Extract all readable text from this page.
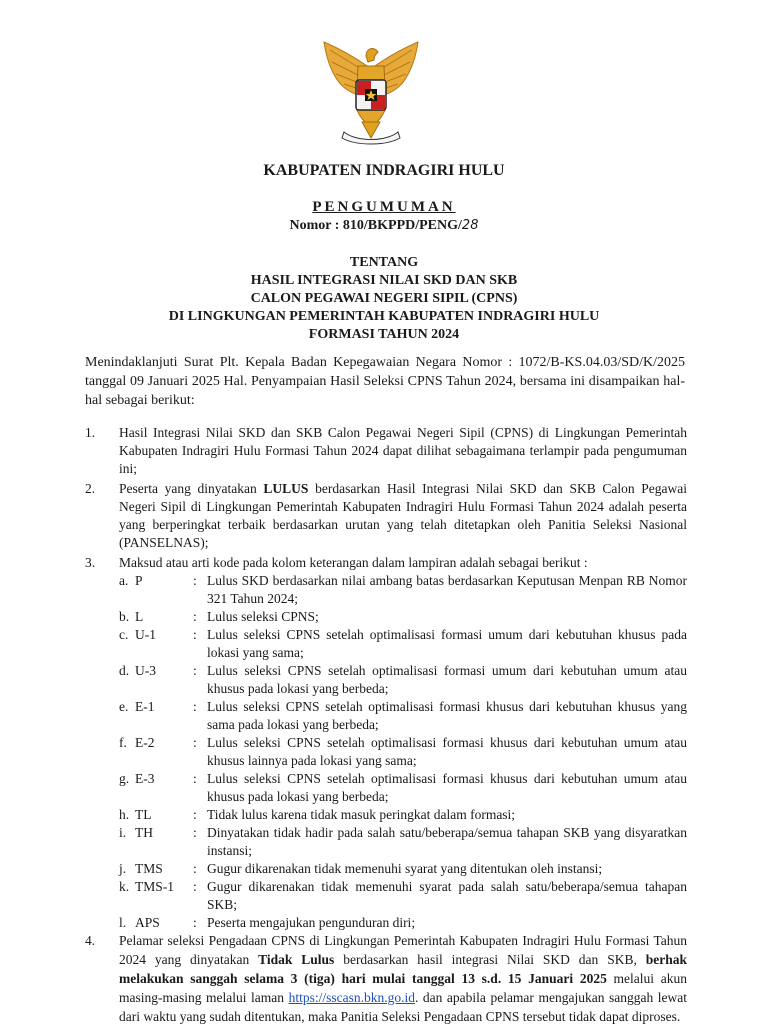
KABUPATEN INDRAGIRI HULU
PENGUMUMAN
Nomor : 810/BKPPD/PENG/28
TENTANG
HASIL INTEGRASI NILAI SKD DAN SKB
CALON PEGAWAI NEGERI SIPIL (CPNS)
DI LINGKUNGAN PEMERINTAH KABUPATEN INDRAGIRI HULU
FORMASI TAHUN 2024
Menindaklanjuti Surat Plt. Kepala Badan Kepegawaian Negara Nomor : 1072/B-KS.04.03/SD/K/2025 tanggal 09 Januari 2025 Hal. Penyampaian Hasil Seleksi CPNS Tahun 2024, bersama ini disampaikan hal-hal sebagai berikut:
1.	Hasil Integrasi Nilai SKD dan SKB Calon Pegawai Negeri Sipil (CPNS) di Lingkungan Pemerintah Kabupaten Indragiri Hulu Formasi Tahun 2024 dapat dilihat sebagaimana terlampir pada pengumuman ini;
2.	Peserta yang dinyatakan LULUS berdasarkan Hasil Integrasi Nilai SKD dan SKB Calon Pegawai Negeri Sipil di Lingkungan Pemerintah Kabupaten Indragiri Hulu Formasi Tahun 2024 adalah peserta yang berperingkat terbaik berdasarkan urutan yang telah ditetapkan oleh Panitia Seleksi Nasional (PANSELNAS);
3.	Maksud atau arti kode pada kolom keterangan dalam lampiran adalah sebagai berikut :
a. P	: Lulus SKD berdasarkan nilai ambang batas berdasarkan Keputusan Menpan RB Nomor 321 Tahun 2024;
b. L	: Lulus seleksi CPNS;
c. U-1	: Lulus seleksi CPNS setelah optimalisasi formasi umum dari kebutuhan khusus pada lokasi yang sama;
d. U-3	: Lulus seleksi CPNS setelah optimalisasi formasi umum dari kebutuhan umum atau khusus pada lokasi yang berbeda;
e. E-1	: Lulus seleksi CPNS setelah optimalisasi formasi khusus dari kebutuhan khusus yang sama pada lokasi yang berbeda;
f. E-2	: Lulus seleksi CPNS setelah optimalisasi formasi khusus dari kebutuhan umum atau khusus lainnya pada lokasi yang sama;
g. E-3	: Lulus seleksi CPNS setelah optimalisasi formasi khusus dari kebutuhan umum atau khusus pada lokasi yang berbeda;
h. TL	: Tidak lulus karena tidak masuk peringkat dalam formasi;
i. TH	: Dinyatakan tidak hadir pada salah satu/beberapa/semua tahapan SKB yang disyaratkan instansi;
j. TMS	: Gugur dikarenakan tidak memenuhi syarat yang ditentukan oleh instansi;
k. TMS-1	: Gugur dikarenakan tidak memenuhi syarat pada salah satu/beberapa/semua tahapan SKB;
l. APS	: Peserta mengajukan pengunduran diri;
4.	Pelamar seleksi Pengadaan CPNS di Lingkungan Pemerintah Kabupaten Indragiri Hulu Formasi Tahun 2024 yang dinyatakan Tidak Lulus berdasarkan hasil integrasi Nilai SKD dan SKB, berhak melakukan sanggah selama 3 (tiga) hari mulai tanggal 13 s.d. 15 Januari 2025 melalui akun masing-masing melalui laman https://sscasn.bkn.go.id. dan apabila pelamar mengajukan sanggah lewat dari waktu yang sudah ditentukan, maka Panitia Seleksi Pengadaan CPNS tersebut tidak dapat diproses.
